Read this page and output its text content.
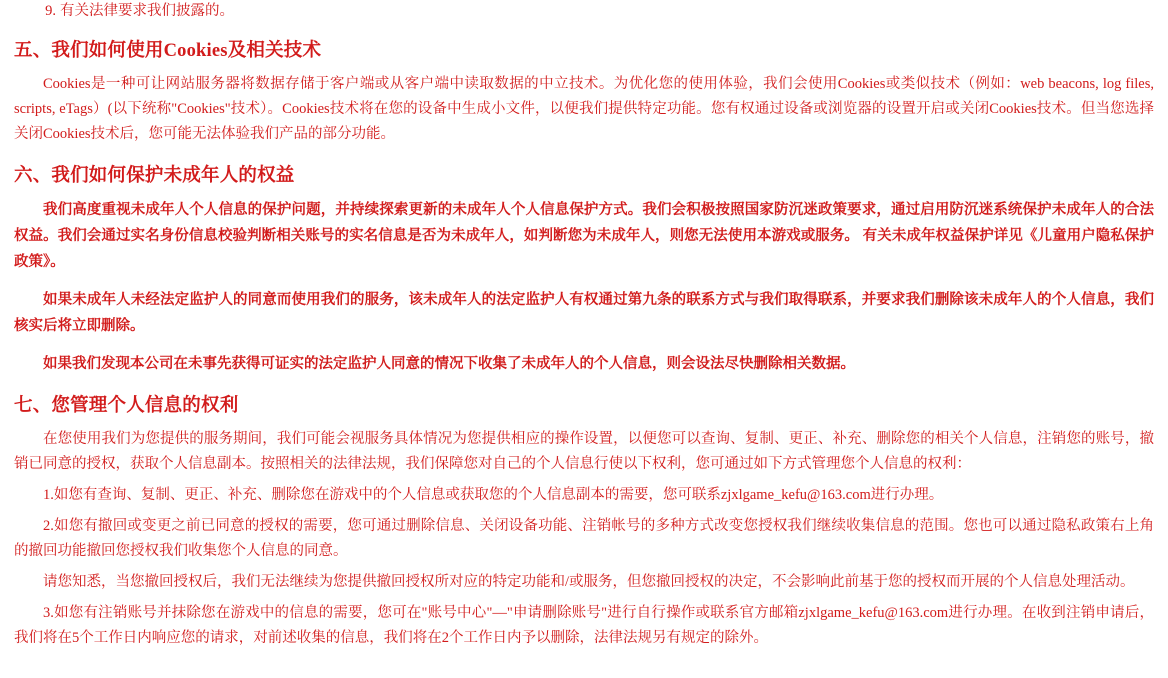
9. 有关法律要求我们披露的。
五、我们如何使用Cookies及相关技术

Cookies是一种可让网站服务器将数据存储于客户端或从客户端中读取数据的中立技术。为优化您的使用体验，我们会使用Cookies或类似技术（例如：web beacons, log files, scripts, eTags）(以下统称"Cookies"技术）。Cookies技术将在您的设备中生成小文件，以便我们提供特定功能。您有权通过设备或浏览器的设置开启或关闭Cookies技术。但当您选择关闭Cookies技术后，您可能无法体验我们产品的部分功能。

六、我们如何保护未成年人的权益

我们高度重视未成年人个人信息的保护问题，并持续探索更新的未成年人个人信息保护方式。我们会积极按照国家防沉迷政策要求，通过启用防沉迷系统保护未成年人的合法权益。我们会通过实名身份信息校验判断相关账号的实名信息是否为未成年人，如判断您为未成年人，则您无法使用本游戏或服务。 有关未成年权益保护详见《儿童用户隐私保护政策》。

如果未成年人未经法定监护人的同意而使用我们的服务，该未成年人的法定监护人有权通过第九条的联系方式与我们取得联系，并要求我们删除该未成年人的个人信息，我们核实后将立即删除。

如果我们发现本公司在未事先获得可证实的法定监护人同意的情况下收集了未成年人的个人信息，则会设法尽快删除相关数据。

七、您管理个人信息的权利

在您使用我们为您提供的服务期间，我们可能会视服务具体情况为您提供相应的操作设置，以便您可以查询、复制、更正、补充、删除您的相关个人信息，注销您的账号，撤销已同意的授权，获取个人信息副本。按照相关的法律法规，我们保障您对自己的个人信息行使以下权利，您可通过如下方式管理您个人信息的权利：

1.如您有查询、复制、更正、补充、删除您在游戏中的个人信息或获取您的个人信息副本的需要，您可联系zjxlgame_kefu@163.com进行办理。

2.如您有撤回或变更之前已同意的授权的需要，您可通过删除信息、关闭设备功能、注销帐号的多种方式改变您授权我们继续收集信息的范围。您也可以通过隐私政策右上角的撤回功能撤回您授权我们收集您个人信息的同意。

请您知悉，当您撤回授权后，我们无法继续为您提供撤回授权所对应的特定功能和/或服务，但您撤回授权的决定，不会影响此前基于您的授权而开展的个人信息处理活动。

3.如您有注销账号并抹除您在游戏中的信息的需要，您可在"账号中心"—"申请删除账号"进行自行操作或联系官方邮箱zjxlgame_kefu@163.com进行办理。在收到注销申请后，我们将在5个工作日内响应您的请求，对前述收集的信息，我们将在2个工作日内予以删除，法律法规另有规定的除外。
